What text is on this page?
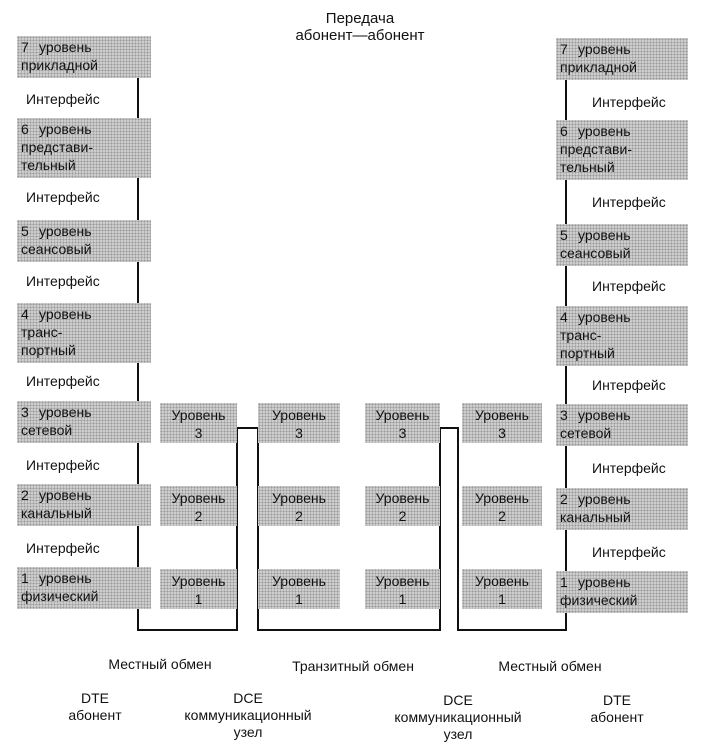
Передача
абонент—абонент
7 уровень
прикладной
Интерфейс
6 уровень
представи-
тельный
Интерфейс
5 уровень
сеансовый
Интерфейс
4 уровень
транс-
портный
Интерфейс
3 уровень
сетевой
Интерфейс
2 уровень
канальный
Интерфейс
1 уровень
физический
7 уровень
прикладной
Интерфейс
6 уровень
представи-
тельный
Интерфейс
5 уровень
сеансовый
Интерфейс
4 уровень
транс-
портный
Интерфейс
3 уровень
сетевой
Интерфейс
2 уровень
канальный
Интерфейс
1 уровень
физический
Уровень
3
Уровень
2
Уровень
1
Уровень
3
Уровень
2
Уровень
1
Уровень
3
Уровень
2
Уровень
1
Уровень
3
Уровень
2
Уровень
1
Местный обмен	Транзитный обмен	Местный обмен
DTE
абонент
DCE
коммуникационный
узел
DCE
коммуникационный
узел
DTE
абонент
